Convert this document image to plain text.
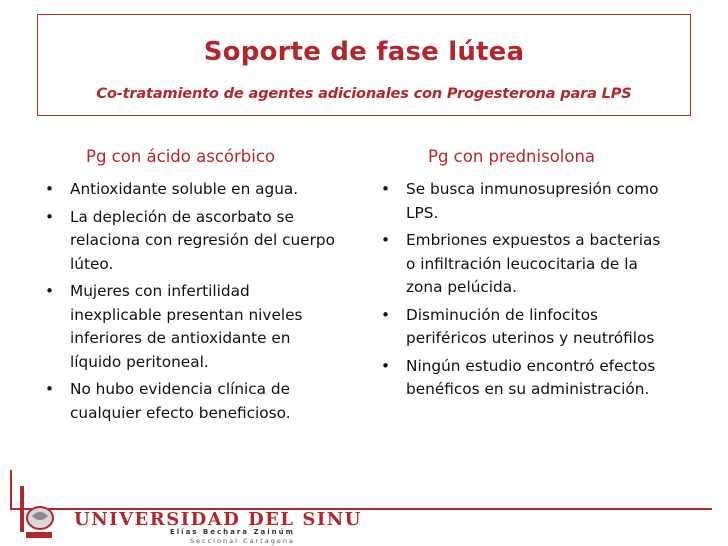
Soporte de fase lútea
Co-tratamiento de agentes adicionales con Progesterona para LPS
Pg con ácido ascórbico	Pg con prednisolona
• Antioxidante soluble en agua.
• La depleción de ascorbato se relaciona con regresión del cuerpo lúteo.
• Mujeres con infertilidad inexplicable presentan niveles inferiores de antioxidante en líquido peritoneal.
• No hubo evidencia clínica de cualquier efecto beneficioso.
• Se busca inmunosupresión como LPS.
• Embriones expuestos a bacterias o infiltración leucocitaria de la zona pelúcida.
• Disminución de linfocitos periféricos uterinos y neutrófilos
• Ningún estudio encontró efectos benéficos en su administración.
UNIVERSIDAD DEL SINU
Elías Bechara Zainúm
Seccional Cartagena
